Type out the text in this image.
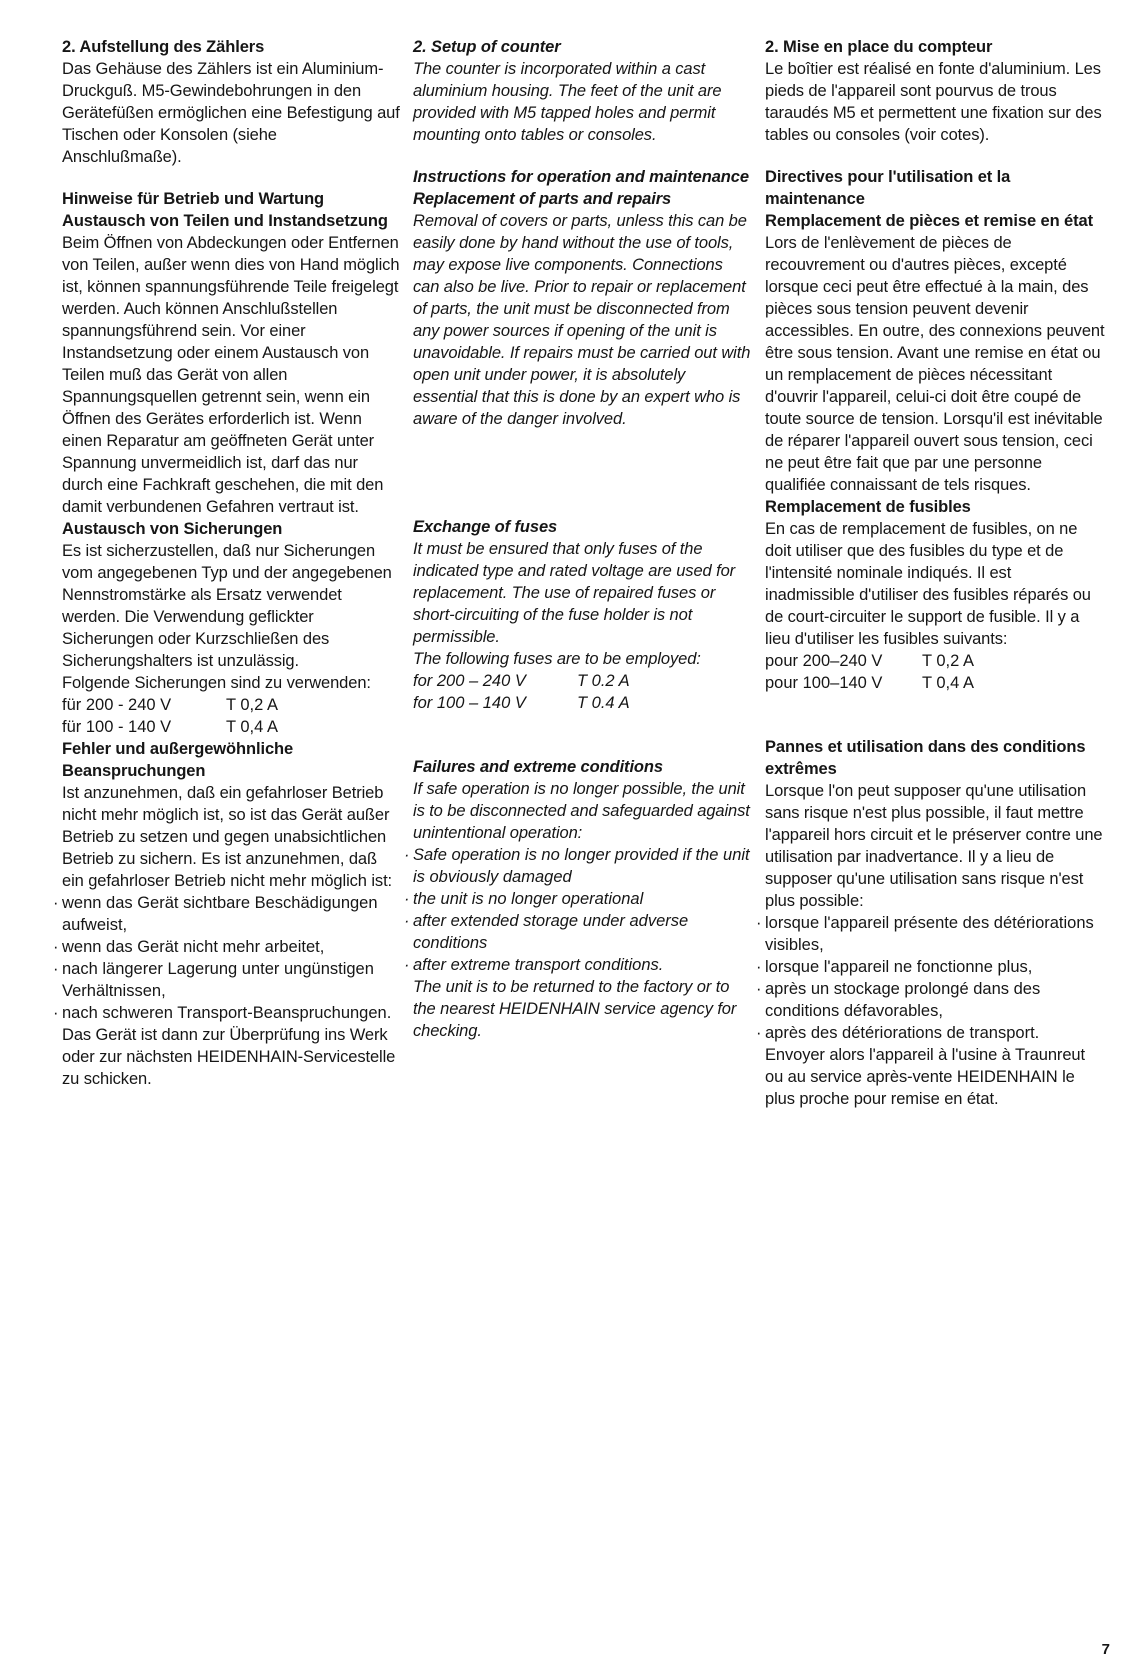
2. Aufstellung des Zählers

Das Gehäuse des Zählers ist ein Aluminium-Druckguß. M5-Gewindebohrungen in den Gerätefüßen ermöglichen eine Befestigung auf Tischen oder Konsolen (siehe Anschlußmaße).

Hinweise für Betrieb und Wartung Austausch von Teilen und Instandsetzung

Beim Öffnen von Abdeckungen oder Entfernen von Teilen, außer wenn dies von Hand möglich ist, können spannungsführende Teile freigelegt werden. Auch können Anschlußstellen spannungsführend sein. Vor einer Instandsetzung oder einem Austausch von Teilen muß das Gerät von allen Spannungsquellen getrennt sein, wenn ein Öffnen des Gerätes erforderlich ist. Wenn einen Reparatur am geöffneten Gerät unter Spannung unvermeidlich ist, darf das nur durch eine Fachkraft geschehen, die mit den damit verbundenen Gefahren vertraut ist.

Austausch von Sicherungen

Es ist sicherzustellen, daß nur Sicherungen vom angegebenen Typ und der angegebenen Nennstromstärke als Ersatz verwendet werden. Die Verwendung geflickter Sicherungen oder Kurzschließen des Sicherungshalters ist unzulässig.

Folgende Sicherungen sind zu verwenden:

für 200 - 240 V	T 0,2 A
für 100 - 140 V	T 0,4 A

Fehler und außergewöhnliche Beanspruchungen

Ist anzunehmen, daß ein gefahrloser Betrieb nicht mehr möglich ist, so ist das Gerät außer Betrieb zu setzen und gegen unabsichtlichen Betrieb zu sichern. Es ist anzunehmen, daß ein gefahrloser Betrieb nicht mehr möglich ist:

· wenn das Gerät sichtbare Beschädigungen aufweist,
· wenn das Gerät nicht mehr arbeitet,
· nach längerer Lagerung unter ungünstigen Verhältnissen,
· nach schweren Transport-Beanspruchungen.

Das Gerät ist dann zur Überprüfung ins Werk oder zur nächsten HEIDENHAIN-Servicestelle zu schicken.

2. Setup of counter

The counter is incorporated within a cast aluminium housing. The feet of the unit are provided with M5 tapped holes and permit mounting onto tables or consoles.

Instructions for operation and maintenance

Replacement of parts and repairs

Removal of covers or parts, unless this can be easily done by hand without the use of tools, may expose live components. Connections can also be live. Prior to repair or replacement of parts, the unit must be disconnected from any power sources if opening of the unit is unavoidable. If repairs must be carried out with open unit under power, it is absolutely essential that this is done by an expert who is aware of the danger involved.

Exchange of fuses

It must be ensured that only fuses of the indicated type and rated voltage are used for replacement. The use of repaired fuses or short-circuiting of the fuse holder is not permissible.

The following fuses are to be employed:

for 200 – 240 V	T 0.2 A
for 100 – 140 V	T 0.4 A

Failures and extreme conditions

If safe operation is no longer possible, the unit is to be disconnected and safeguarded against unintentional operation:

· Safe operation is no longer provided if the unit is obviously damaged
· the unit is no longer operational
· after extended storage under adverse conditions
· after extreme transport conditions.

The unit is to be returned to the factory or to the nearest HEIDENHAIN service agency for checking.

2. Mise en place du compteur

Le boîtier est réalisé en fonte d'aluminium. Les pieds de l'appareil sont pourvus de trous taraudés M5 et permettent une fixation sur des tables ou consoles (voir cotes).

Directives pour l'utilisation et la maintenance

Remplacement de pièces et remise en état

Lors de l'enlèvement de pièces de recouvrement ou d'autres pièces, excepté lorsque ceci peut être effectué à la main, des pièces sous tension peuvent devenir accessibles. En outre, des connexions peuvent être sous tension. Avant une remise en état ou un remplacement de pièces nécessitant d'ouvrir l'appareil, celui-ci doit être coupé de toute source de tension. Lorsqu'il est inévitable de réparer l'appareil ouvert sous tension, ceci ne peut être fait que par une personne qualifiée connaissant de tels risques.

Remplacement de fusibles

En cas de remplacement de fusibles, on ne doit utiliser que des fusibles du type et de l'intensité nominale indiqués. Il est inadmissible d'utiliser des fusibles réparés ou de court-circuiter le support de fusible. Il y a lieu d'utiliser les fusibles suivants:

pour 200–240 V	T 0,2 A
pour 100–140 V	T 0,4 A

Pannes et utilisation dans des conditions extrêmes

Lorsque l'on peut supposer qu'une utilisation sans risque n'est plus possible, il faut mettre l'appareil hors circuit et le préserver contre une utilisation par inadvertance. Il y a lieu de supposer qu'une utilisation sans risque n'est plus possible:

· lorsque l'appareil présente des détériorations visibles,
· lorsque l'appareil ne fonctionne plus,
· après un stockage prolongé dans des conditions défavorables,
· après des détériorations de transport.

Envoyer alors l'appareil à l'usine à Traunreut ou au service après-vente HEIDENHAIN le plus proche pour remise en état.

7
